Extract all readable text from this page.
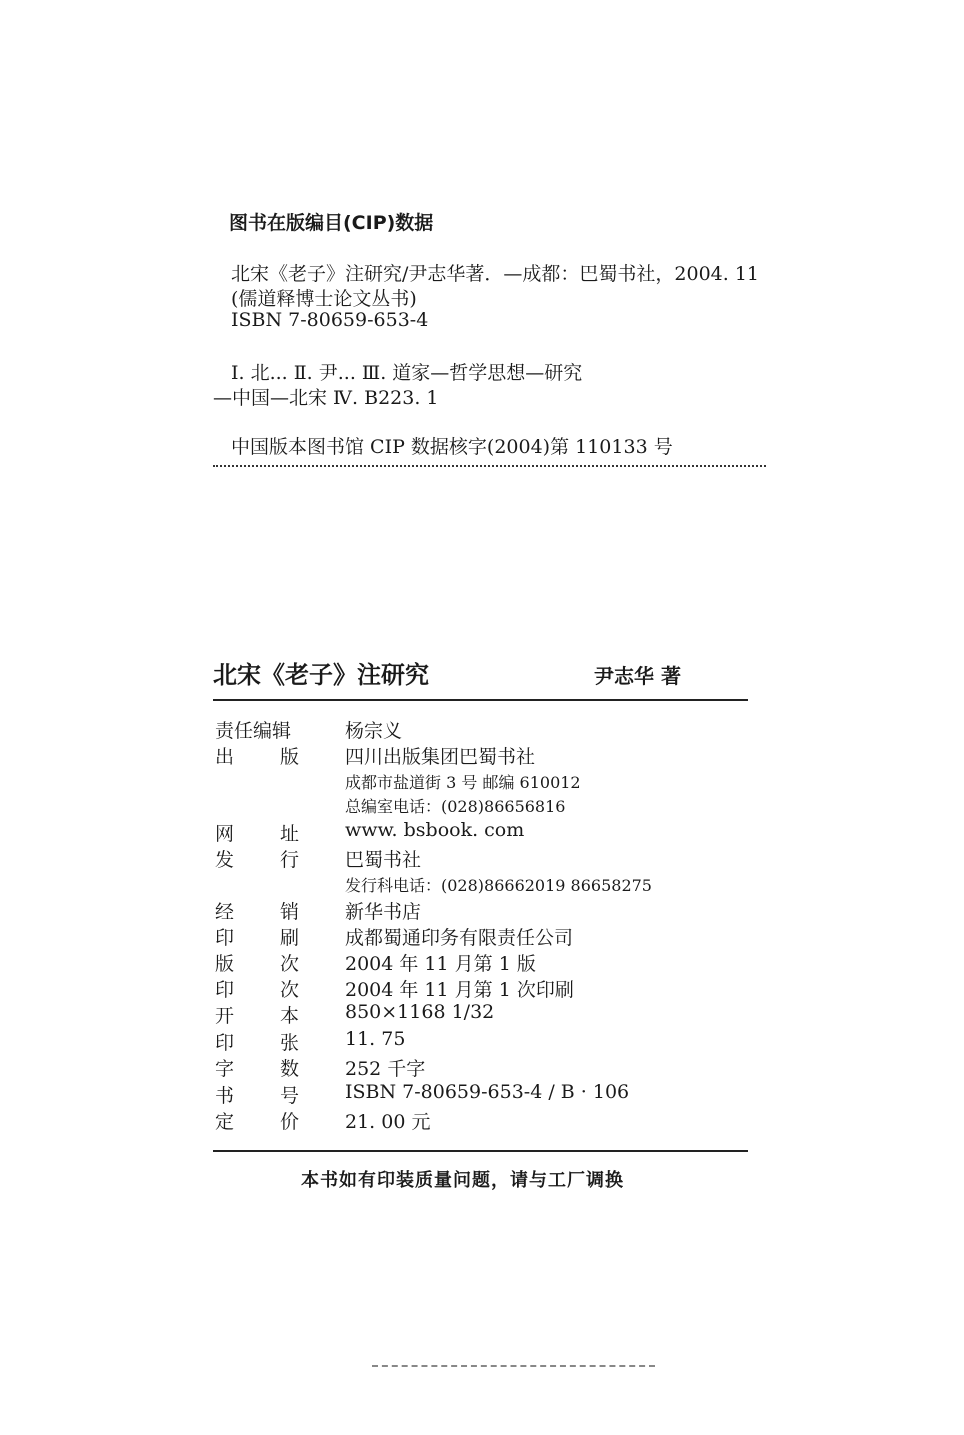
图书在版编目(CIP)数据
北宋《老子》注研究/尹志华著．—成都：巴蜀书社，2004. 11
(儒道释博士论文丛书)
ISBN 7-80659-653-4
Ⅰ. 北... Ⅱ. 尹... Ⅲ. 道家—哲学思想—研究
—中国—北宋 Ⅳ. B223. 1
中国版本图书馆 CIP 数据核字(2004)第 110133 号
北宋《老子》注研究	尹志华 著
责任编辑	杨宗义
出 版 四川出版集团巴蜀书社
成都市盐道街 3 号 邮编 610012
总编室电话：(028)86656816
网 址 www. bsbook. com
发 行 巴蜀书社
发行科电话：(028)86662019 86658275
经 销 新华书店
印 刷 成都蜀通印务有限责任公司
版 次 2004 年 11 月第 1 版
印 次 2004 年 11 月第 1 次印刷
开 本 850×1168 1/32
印 张 11. 75
字 数 252 千字
书 号 ISBN 7-80659-653-4 / B · 106
定 价 21. 00 元
本书如有印装质量问题，请与工厂调换
